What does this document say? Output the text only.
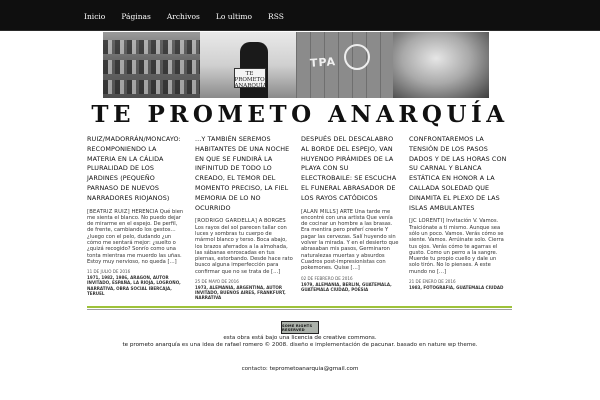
Inicio Páginas Archivos Lo ultimo RSS
TE PROMETO ANARQUÍA
TPA
TE PROMETO ANARQUÍA
RUIZ/MADORRÁN/MONCAYO: RECOMPONIENDO LA MATERIA EN LA CÁLIDA PLURALIDAD DE LOS JARDINES (PEQUEÑO PARNASO DE NUEVOS NARRADORES RIOJANOS)

[BEATRIZ RUIZ] HERENCIA Qué bien me sienta el blanco. No puedo dejar de mirarme en el espejo. De perfil, de frente, cambiando los gestos… ¿luego con el pelo, dudando ¿un cómo me sentará mejor: ¿suelto o ¿quizá recogido? Sonrío como una tonta mientras me muerdo las uñas. Estoy muy nervioso, no queda […]

11 DE JULIO DE 2016
1971, 1982, 1986, ARAGON, AUTOR INVITADO, ESPAÑA, LA RIOJA, LOGROÑO, NARRATIVA, OBRA SOCIAL IBERCAJA, TERUEL
...Y TAMBIÉN SEREMOS HABITANTES DE UNA NOCHE EN QUE SE FUNDIRÁ LA INFINITUD DE TODO LO CREADO, EL TEMOR DEL MOMENTO PRECISO, LA FIEL MEMORIA DE LO NO OCURRIDO

[RODRIGO GARDELLA] A BORGES Los rayos del sol parecen tallar con luces y sombras tu cuerpo de mármol blanco y terso. Boca abajo, los brazos aferrados a la almohada, las sábanas enroscadas en tus piernas, estorbando. Desde hace rato busco alguna imperfección para confirmar que no se trata de […]

25 DE MAYO DE 2016
1973, ALEMANIA, ARGENTINA, AUTOR INVITADO, BUENOS AIRES, FRANKFURT, NARRATIVA
DESPUÉS DEL DESCALABRO AL BORDE DEL ESPEJO, VAN HUYENDO PIRÁMIDES DE LA PLAYA CON SU ELECTROBAILE: SE ESCUCHA EL FUNERAL ABRASADOR DE LOS RAYOS CATÓDICOS

[ALAN MILLS] ARTE Una tarde me encontré con una artista Que venía de cocinar un hombre a las brasas. Era mentira pero preferí creerle Y pagar las cervezas. Salí huyendo sin volver la mirada. Y en el desierto que abrasaban mis pasos, Germinaron naturalezas muertas y absurdos Cuadros post-impresionistas con pokemones. Quise […]

02 DE FEBRERO DE 2016
1979, ALEMANIA, BERLIN, GUATEMALA, GUATEMALA CIUDAD, POESIA
CONFRONTAREMOS LA TENSIÓN DE LOS PASOS DADOS Y DE LAS HORAS CON SU CARNAL Y BLANCA ESTÁTICA EN HONOR A LA CALLADA SOLEDAD QUE DINAMITA EL PLEXO DE LAS ISLAS AMBULANTES

[JC LORENTI] Invitación V. Vamos. Traiciónate a ti mismo. Aunque sea sólo un poco. Vamos. Verás cómo se siente. Vamos. Arrúinate solo. Cierra tus ojos. Verás cómo te agarras el gusto. Como un perro a la sangre. Muerde tu propio cuello y dale un solo tirón. No lo pienses. A este mundo no […]

21 DE ENERO DE 2016
1983, FOTOGRAFIA, GUATEMALA CIUDAD
SOME RIGHTS RESERVED
esta obra está bajo una licencia de creative commons.
te prometo anarquía es una idea de rafael romero © 2008. diseño e implementación de pacunar. basado en nature wp theme.
contacto: teprometoanarquia@gmail.com
